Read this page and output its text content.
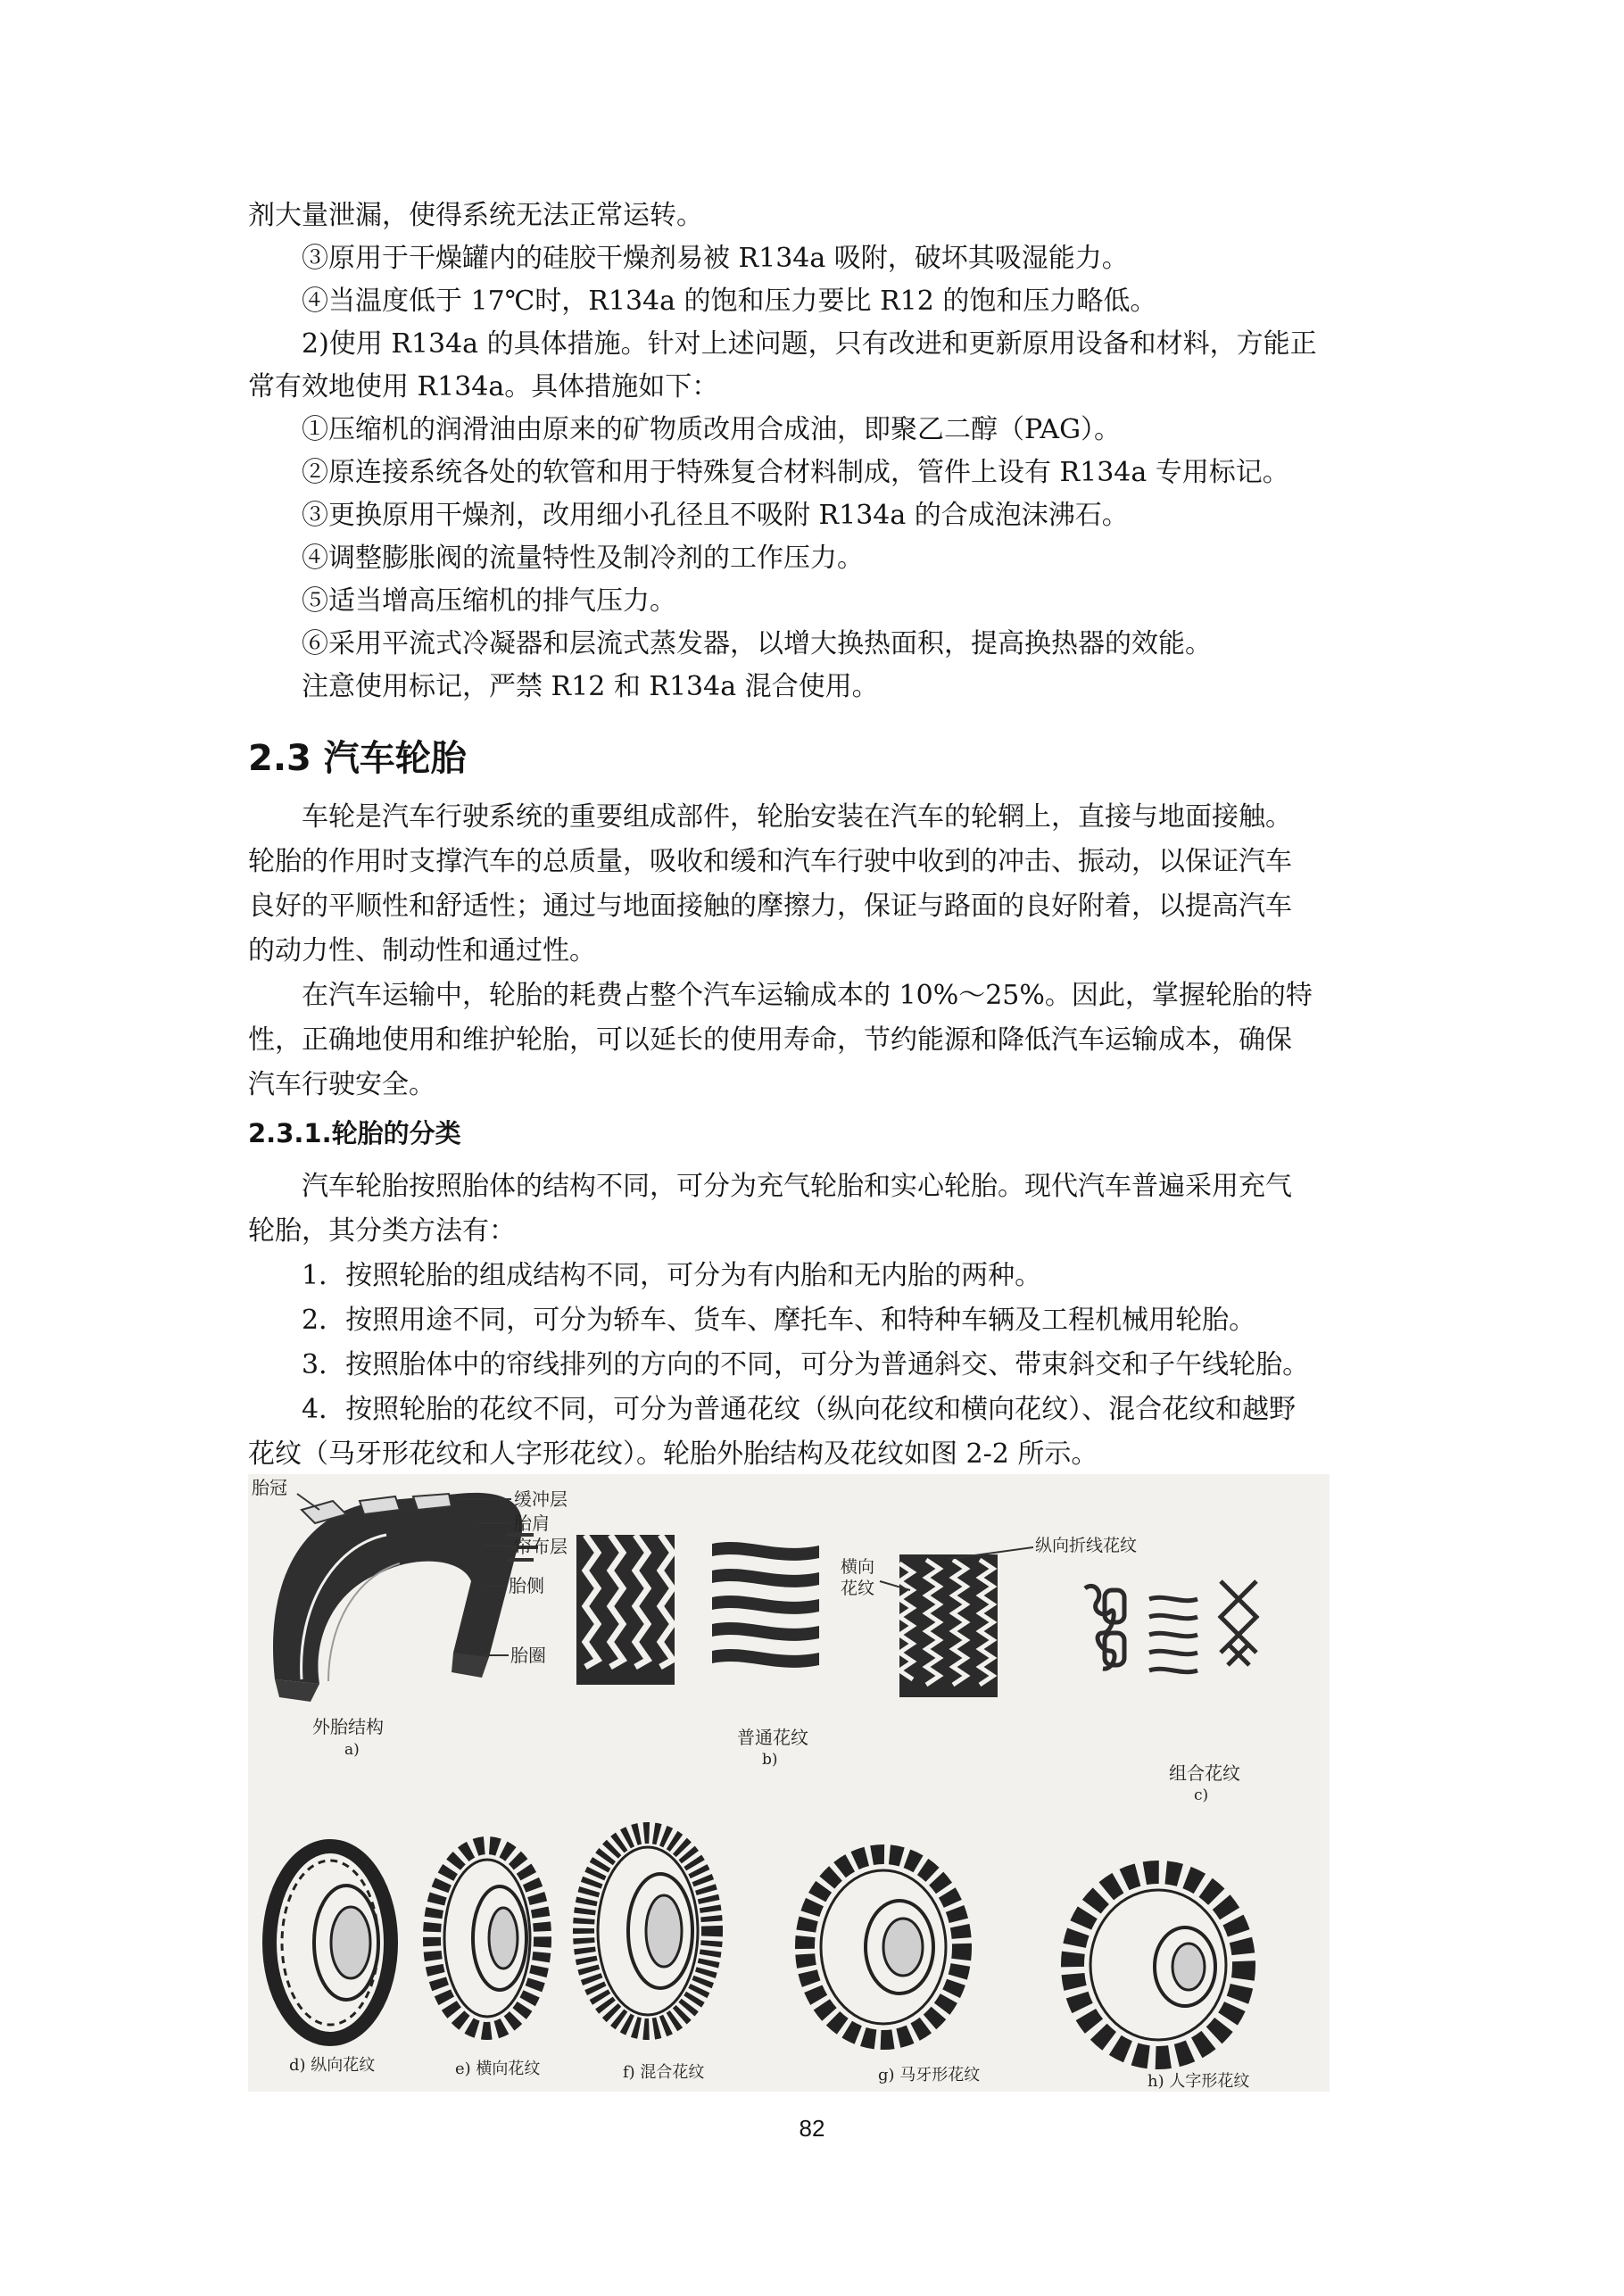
剂大量泄漏，使得系统无法正常运转。
③原用于干燥罐内的硅胶干燥剂易被 R134a 吸附，破坏其吸湿能力。
④当温度低于 17℃时，R134a 的饱和压力要比 R12 的饱和压力略低。
2)使用 R134a 的具体措施。针对上述问题，只有改进和更新原用设备和材料，方能正
常有效地使用 R134a。具体措施如下：
①压缩机的润滑油由原来的矿物质改用合成油，即聚乙二醇（PAG）。
②原连接系统各处的软管和用于特殊复合材料制成，管件上设有 R134a 专用标记。
③更换原用干燥剂，改用细小孔径且不吸附 R134a 的合成泡沫沸石。
④调整膨胀阀的流量特性及制冷剂的工作压力。
⑤适当增高压缩机的排气压力。
⑥采用平流式冷凝器和层流式蒸发器，以增大换热面积，提高换热器的效能。
注意使用标记，严禁 R12 和 R134a 混合使用。
2.3 汽车轮胎
车轮是汽车行驶系统的重要组成部件，轮胎安装在汽车的轮辋上，直接与地面接触。
轮胎的作用时支撑汽车的总质量，吸收和缓和汽车行驶中收到的冲击、振动，以保证汽车
良好的平顺性和舒适性；通过与地面接触的摩擦力，保证与路面的良好附着，以提高汽车
的动力性、制动性和通过性。
在汽车运输中，轮胎的耗费占整个汽车运输成本的 10%～25%。因此，掌握轮胎的特
性，正确地使用和维护轮胎，可以延长的使用寿命，节约能源和降低汽车运输成本，确保
汽车行驶安全。
2.3.1.轮胎的分类
汽车轮胎按照胎体的结构不同，可分为充气轮胎和实心轮胎。现代汽车普遍采用充气
轮胎，其分类方法有：
1．按照轮胎的组成结构不同，可分为有内胎和无内胎的两种。
2．按照用途不同，可分为轿车、货车、摩托车、和特种车辆及工程机械用轮胎。
3．按照胎体中的帘线排列的方向的不同，可分为普通斜交、带束斜交和子午线轮胎。
4．按照轮胎的花纹不同，可分为普通花纹（纵向花纹和横向花纹）、混合花纹和越野
花纹（马牙形花纹和人字形花纹）。轮胎外胎结构及花纹如图 2-2 所示。
胎冠
缓冲层
胎肩
帘布层
胎侧
胎圈
外胎结构
a)
横向
花纹
纵向折线花纹
普通花纹
b)
组合花纹
c)
d) 纵向花纹	e) 横向花纹	f) 混合花纹	g) 马牙形花纹	h) 人字形花纹
82
